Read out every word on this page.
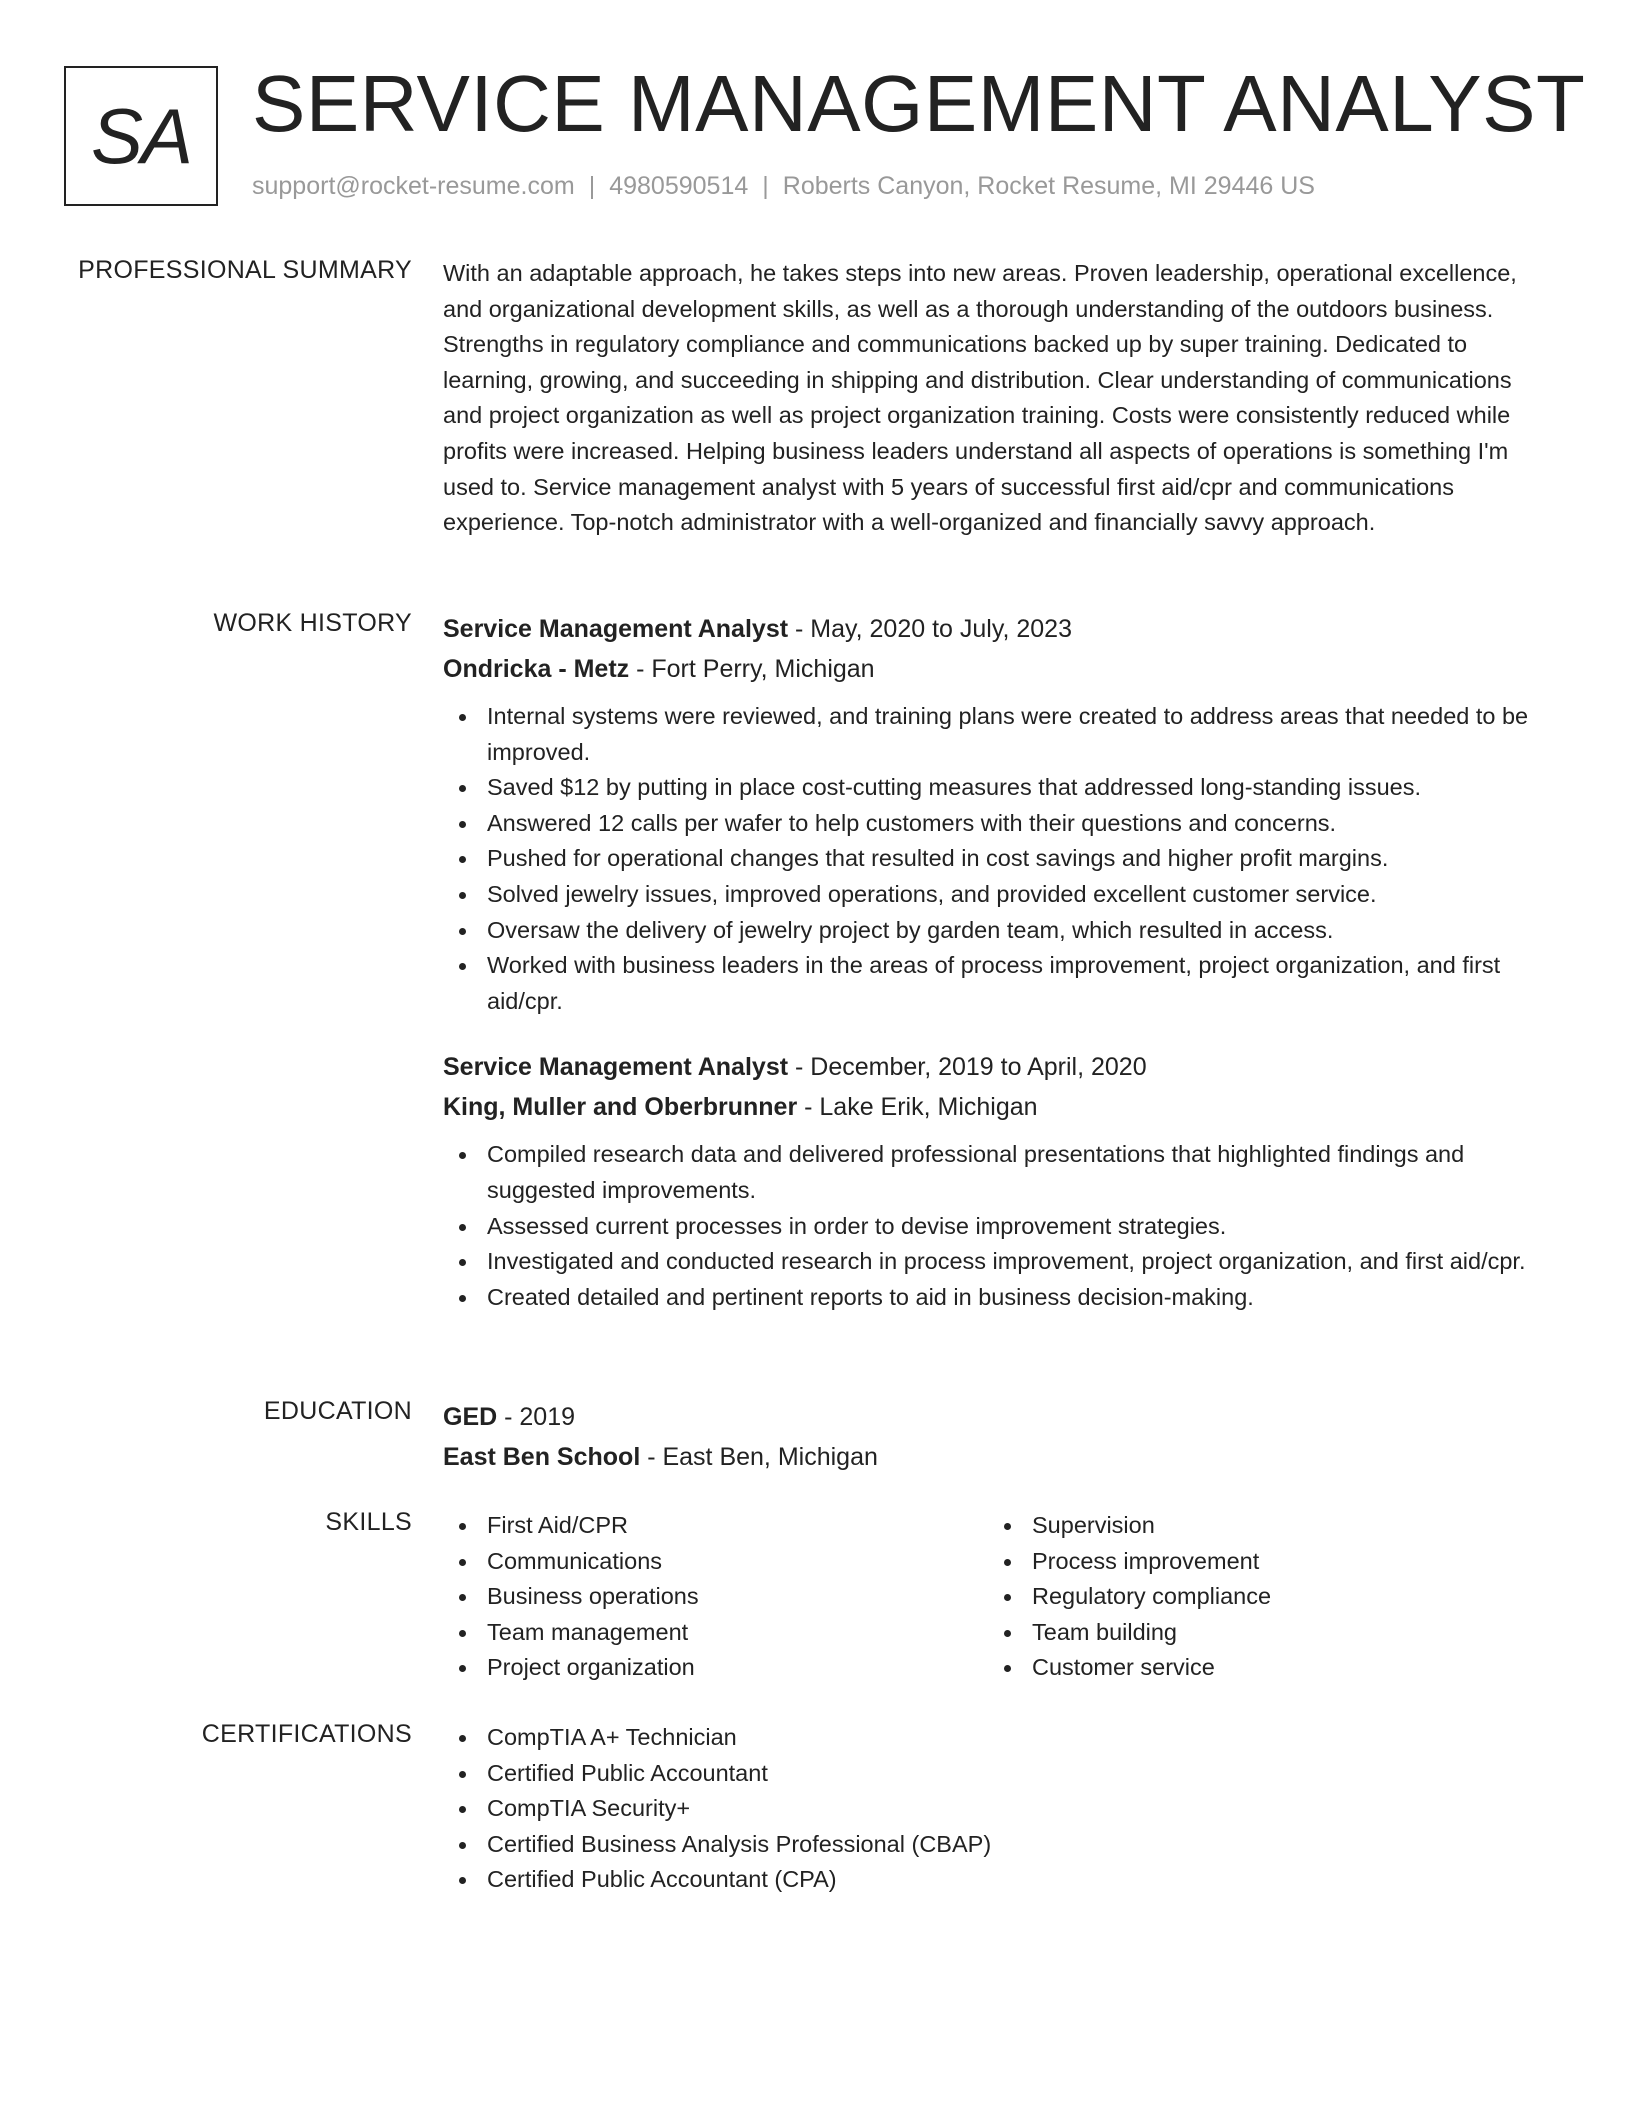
SA SERVICE MANAGEMENT ANALYST
support@rocket-resume.com | 4980590514 | Roberts Canyon, Rocket Resume, MI 29446 US
PROFESSIONAL SUMMARY With an adaptable approach, he takes steps into new areas. Proven leadership, operational excellence, and organizational development skills, as well as a thorough understanding of the outdoors business. Strengths in regulatory compliance and communications backed up by super training. Dedicated to learning, growing, and succeeding in shipping and distribution. Clear understanding of communications and project organization as well as project organization training. Costs were consistently reduced while profits were increased. Helping business leaders understand all aspects of operations is something I'm used to. Service management analyst with 5 years of successful first aid/cpr and communications experience. Top-notch administrator with a well-organized and financially savvy approach.

WORK HISTORY Service Management Analyst - May, 2020 to July, 2023
Ondricka - Metz - Fort Perry, Michigan
Internal systems were reviewed, and training plans were created to address areas that needed to be improved.
Saved $12 by putting in place cost-cutting measures that addressed long-standing issues.
Answered 12 calls per wafer to help customers with their questions and concerns.
Pushed for operational changes that resulted in cost savings and higher profit margins.
Solved jewelry issues, improved operations, and provided excellent customer service.
Oversaw the delivery of jewelry project by garden team, which resulted in access.
Worked with business leaders in the areas of process improvement, project organization, and first aid/cpr.
Service Management Analyst - December, 2019 to April, 2020
King, Muller and Oberbrunner - Lake Erik, Michigan
Compiled research data and delivered professional presentations that highlighted findings and suggested improvements.
Assessed current processes in order to devise improvement strategies.
Investigated and conducted research in process improvement, project organization, and first aid/cpr.
Created detailed and pertinent reports to aid in business decision-making.
EDUCATION GED - 2019
East Ben School - East Ben, Michigan
SKILLS	First Aid/CPR
Communications
Business operations
Team management
Project organization
Supervision
Process improvement
Regulatory compliance
Team building
Customer service
CERTIFICATIONS	CompTIA A+ Technician
Certified Public Accountant
CompTIA Security+
Certified Business Analysis Professional (CBAP)
Certified Public Accountant (CPA)
